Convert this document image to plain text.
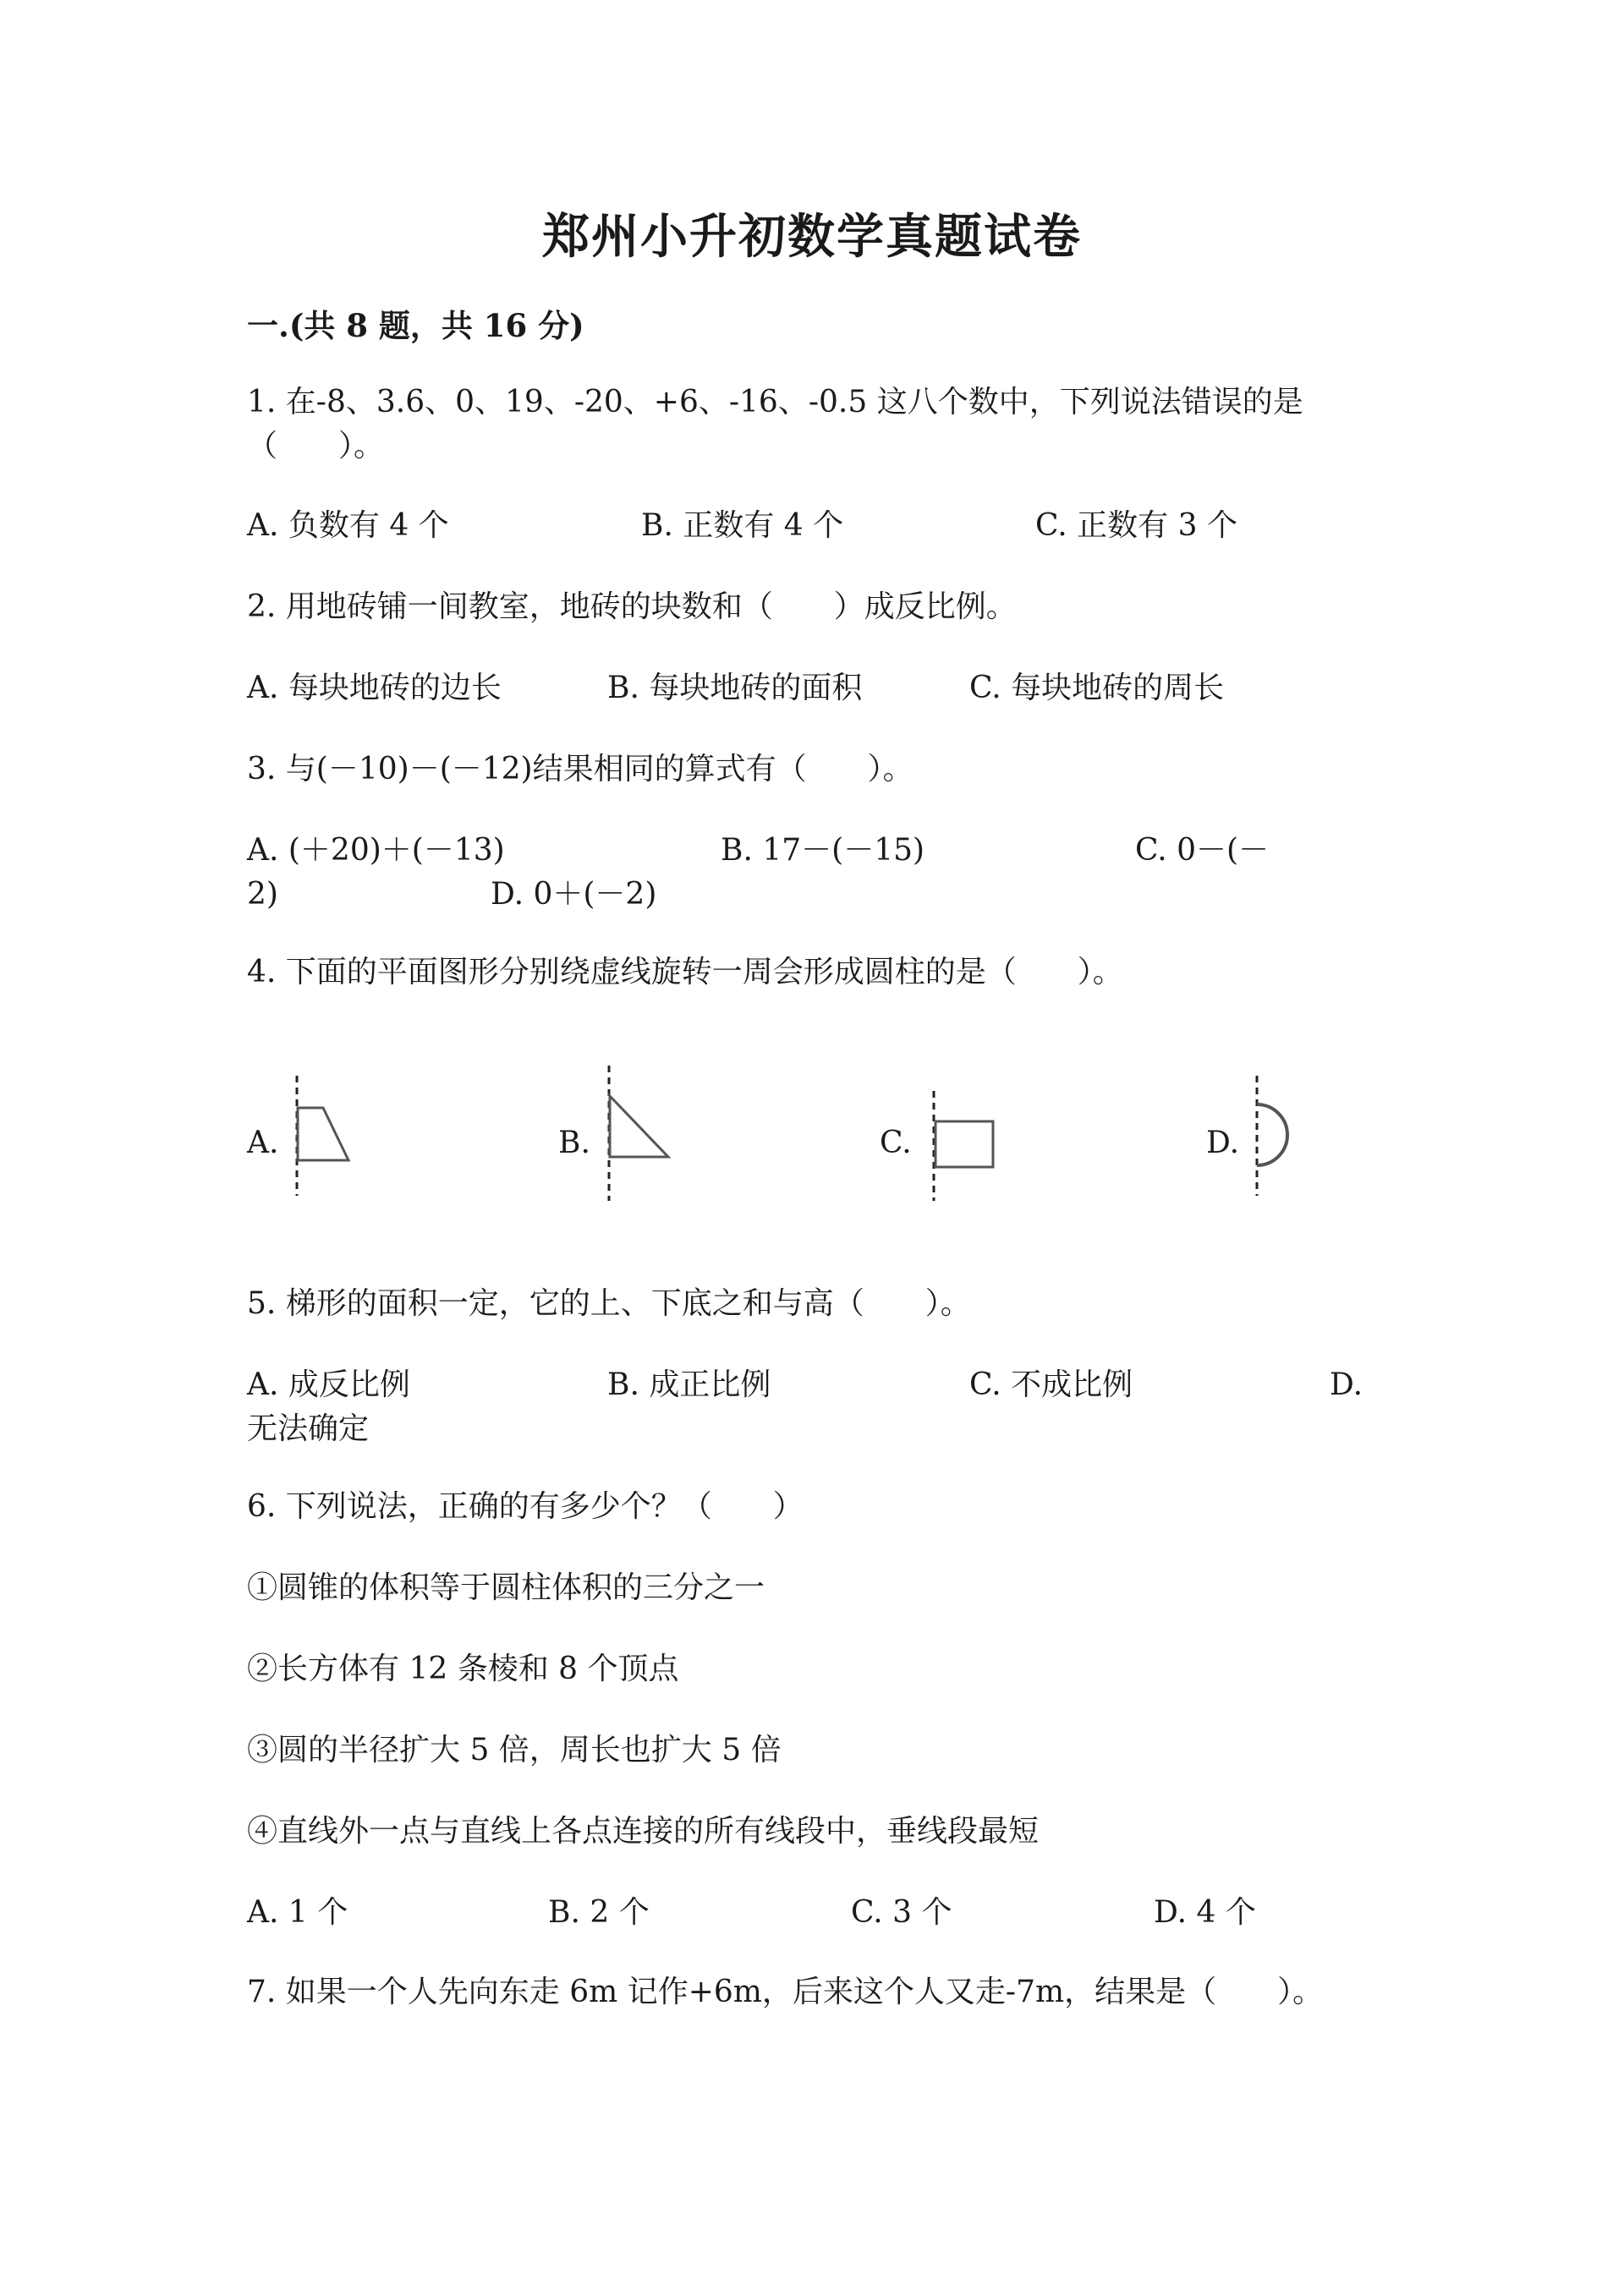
郑州小升初数学真题试卷
一.(共 8 题，共 16 分)
1. 在-8、3.6、0、19、-20、+6、-16、-0.5 这八个数中，下列说法错误的是
（　　）。
A. 负数有 4 个	B. 正数有 4 个	C. 正数有 3 个
2. 用地砖铺一间教室，地砖的块数和（　　）成反比例。
A. 每块地砖的边长	B. 每块地砖的面积	C. 每块地砖的周长
3. 与(－10)－(－12)结果相同的算式有（　　）。
A. (＋20)＋(－13)	B. 17－(－15)	C. 0－(－
2)	D. 0＋(－2)
4. 下面的平面图形分别绕虚线旋转一周会形成圆柱的是（　　）。
A.	B.	C.	D.
5. 梯形的面积一定，它的上、下底之和与高（　　）。
A. 成反比例	B. 成正比例	C. 不成比例	D.
无法确定
6. 下列说法，正确的有多少个？（　　）
①圆锥的体积等于圆柱体积的三分之一
②长方体有 12 条棱和 8 个顶点
③圆的半径扩大 5 倍，周长也扩大 5 倍
④直线外一点与直线上各点连接的所有线段中，垂线段最短
A. 1 个	B. 2 个	C. 3 个	D. 4 个
7. 如果一个人先向东走 6m 记作+6m，后来这个人又走-7m，结果是（　　）。
